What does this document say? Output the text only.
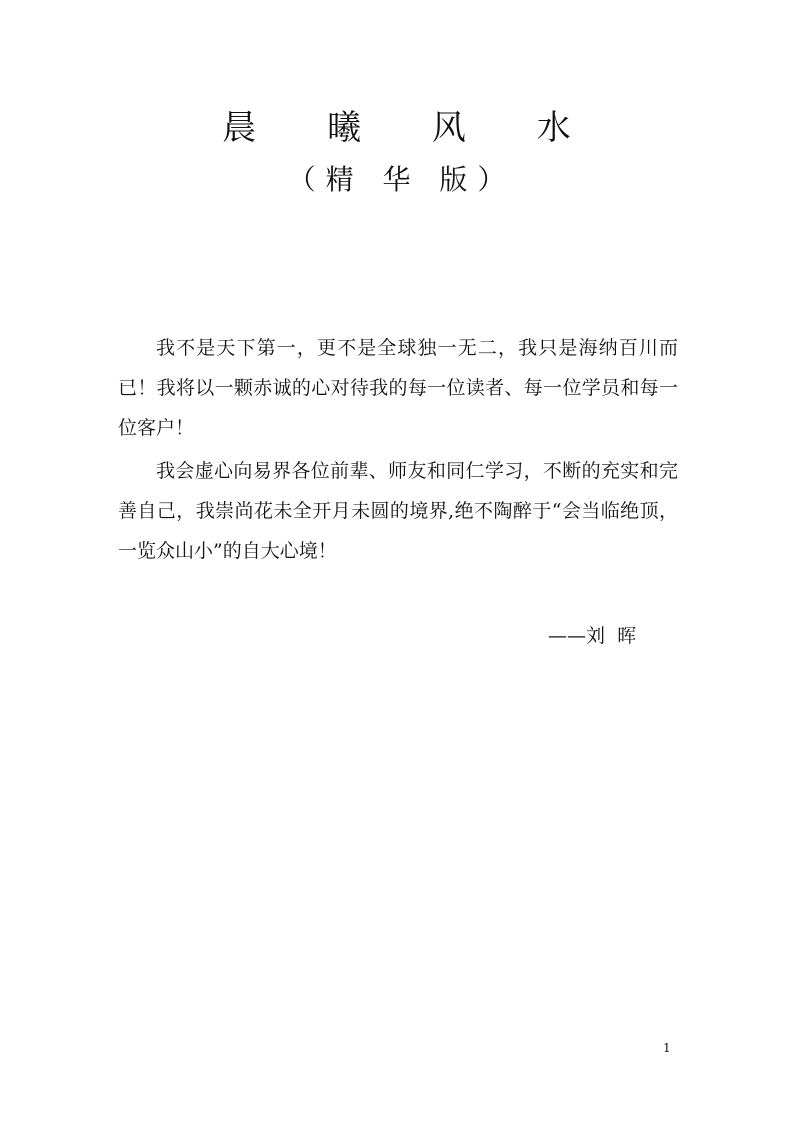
晨 曦 风 水
（精 华 版）

我不是天下第一，更不是全球独一无二，我只是海纳百川而已！我将以一颗赤诚的心对待我的每一位读者、每一位学员和每一位客户！

我会虚心向易界各位前辈、师友和同仁学习，不断的充实和完善自己，我崇尚花未全开月未圆的境界,绝不陶醉于“会当临绝顶，一览众山小”的自大心境！

——刘  晖
1
